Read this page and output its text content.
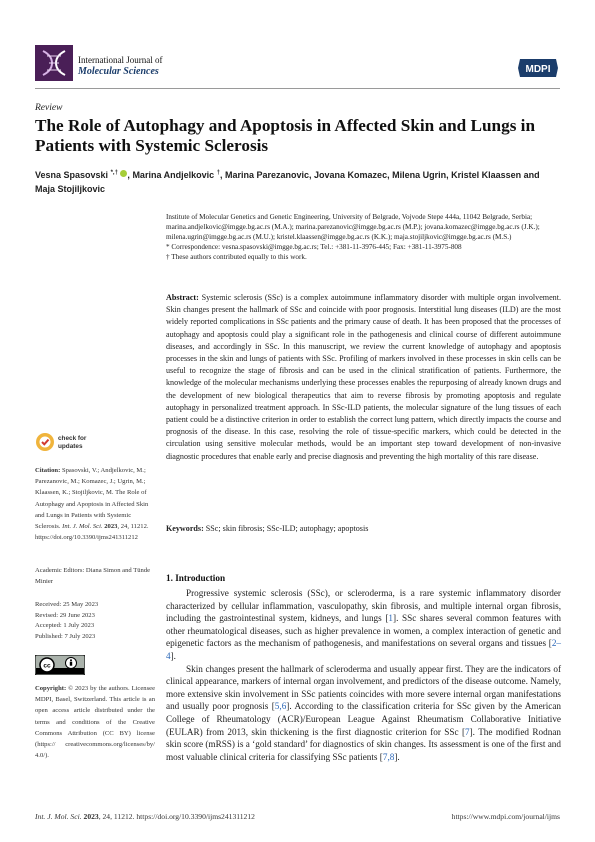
International Journal of
Molecular Sciences	MDPI
Review
The Role of Autophagy and Apoptosis in Affected Skin and Lungs in Patients with Systemic Sclerosis
Vesna Spasovski *,† , Marina Andjelkovic †, Marina Parezanovic, Jovana Komazec, Milena Ugrin, Kristel Klaassen and Maja Stojiljkovic

Institute of Molecular Genetics and Genetic Engineering, University of Belgrade, Vojvode Stepe 444a, 11042 Belgrade, Serbia; marina.andjelkovic@imgge.bg.ac.rs (M.A.); marina.parezanovic@imgge.bg.ac.rs (M.P.); jovana.komazec@imgge.bg.ac.rs (J.K.); milena.ugrin@imgge.bg.ac.rs (M.U.); kristel.klaassen@imgge.bg.ac.rs (K.K.); maja.stojiljkovic@imgge.bg.ac.rs (M.S.)

* Correspondence: vesna.spasovski@imgge.bg.ac.rs; Tel.: +381-11-3976-445; Fax: +381-11-3975-808

† These authors contributed equally to this work.

Abstract: Systemic sclerosis (SSc) is a complex autoimmune inflammatory disorder with multiple organ involvement. Skin changes present the hallmark of SSc and coincide with poor prognosis. Interstitial lung diseases (ILD) are the most widely reported complications in SSc patients and the primary cause of death. It has been proposed that the processes of autophagy and apoptosis could play a significant role in the pathogenesis and clinical course of different autoimmune diseases, and accordingly in SSc. In this manuscript, we review the current knowledge of autophagy and apoptosis processes in the skin and lungs of patients with SSc. Profiling of markers involved in these processes in skin cells can be useful to recognize the stage of fibrosis and can be used in the clinical stratification of patients. Furthermore, the knowledge of the molecular mechanisms underlying these processes enables the repurposing of already known drugs and the development of new biological therapeutics that aim to reverse fibrosis by promoting apoptosis and regulate autophagy in personalized treatment approach. In SSc-ILD patients, the molecular signature of the lung tissues of each patient could be a distinctive criterion in order to establish the correct lung pattern, which directly impacts the course and prognosis of the disease. In this case, resolving the role of tissue-specific markers, which could be detected in the circulation using sensitive molecular methods, would be an important step toward development of non-invasive diagnostic procedures that enable early and precise diagnosis and preventing the high mortality of this rare disease.
Keywords: SSc; skin fibrosis; SSc-ILD; autophagy; apoptosis
check for
updates
Citation: Spasovski, V.; Andjelkovic, M.; Parezanovic, M.; Komazec, J.; Ugrin, M.; Klaassen, K.; Stojiljkovic, M. The Role of Autophagy and Apoptosis in Affected Skin and Lungs in Patients with Systemic Sclerosis. Int. J. Mol. Sci. 2023, 24, 11212. https://doi.org/10.3390/ijms241311212
Academic Editors: Diana Simon and Tünde Minier
Received: 25 May 2023
Revised: 29 June 2023
Accepted: 1 July 2023
Published: 7 July 2023
cc
Copyright: © 2023 by the authors. Licensee MDPI, Basel, Switzerland. This article is an open access article distributed under the terms and conditions of the Creative Commons Attribution (CC BY) license (https:// creativecommons.org/licenses/by/ 4.0/).
1. Introduction

Progressive systemic sclerosis (SSc), or scleroderma, is a rare systemic inflammatory disorder characterized by cellular inflammation, vasculopathy, skin fibrosis, and multiple internal organ fibrosis, including the gastrointestinal system, kidneys, and lungs [1]. SSc shares several common features with other rheumatological diseases, such as higher prevalence in women, a complex interaction of genetic and epigenetic factors as the mechanism of pathogenesis, and manifestations on several organs and tissues [2–4].

Skin changes present the hallmark of scleroderma and usually appear first. They are the indicators of clinical appearance, markers of internal organ involvement, and predictors of the disease outcome. Namely, more extensive skin involvement in SSc patients coincides with more severe internal organ manifestations and usually poor prognosis [5,6]. According to the classification criteria for SSc given by the American College of Rheumatology (ACR)/European League Against Rheumatism Collaborative Initiative (EULAR) from 2013, skin thickening is the first diagnostic criterion for SSc [7]. The modified Rodnan skin score (mRSS) is a ‘gold standard’ for diagnostics of skin changes. Its assessment is one of the first and most valuable clinical criteria for classifying SSc patients [7,8].

Int. J. Mol. Sci. 2023, 24, 11212. https://doi.org/10.3390/ijms241311212	https://www.mdpi.com/journal/ijms
